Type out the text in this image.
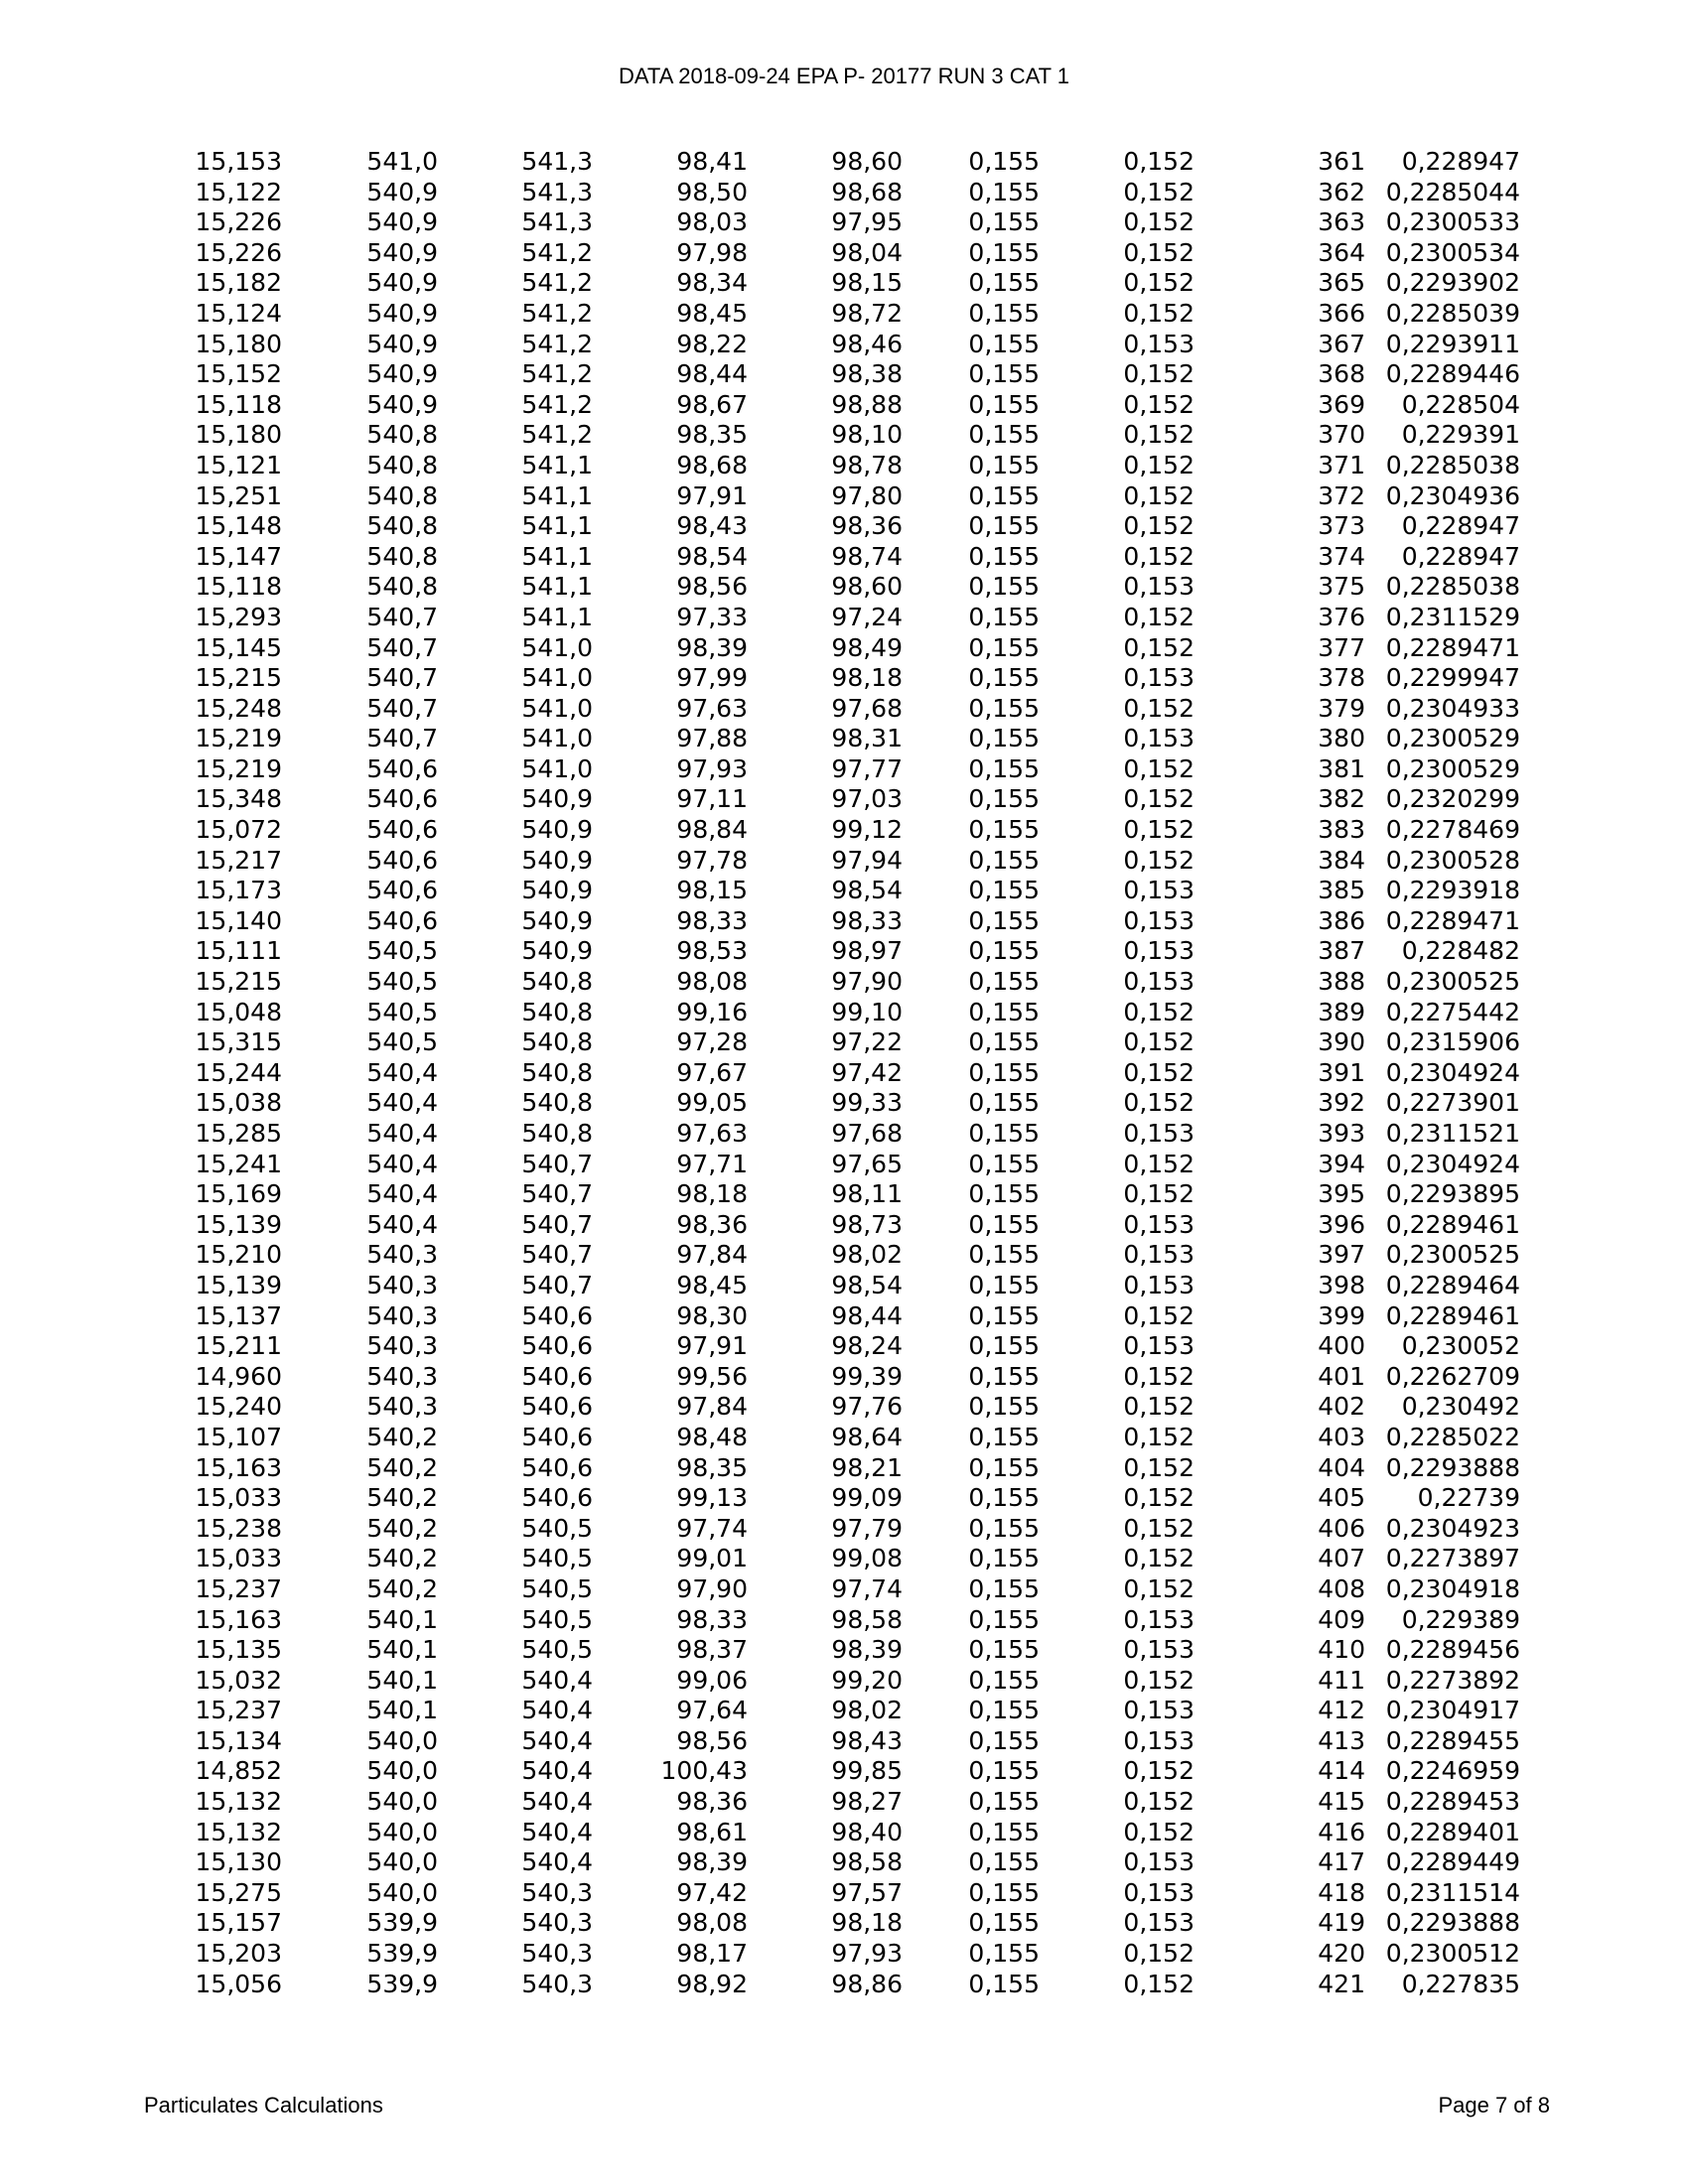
DATA 2018-09-24 EPA P- 20177 RUN 3 CAT 1
15,153	541,0	541,3	98,41	98,60	0,155	0,152	361	0,228947
15,122	540,9	541,3	98,50	98,68	0,155	0,152	362	0,2285044
15,226	540,9	541,3	98,03	97,95	0,155	0,152	363	0,2300533
15,226	540,9	541,2	97,98	98,04	0,155	0,152	364	0,2300534
15,182	540,9	541,2	98,34	98,15	0,155	0,152	365	0,2293902
15,124	540,9	541,2	98,45	98,72	0,155	0,152	366	0,2285039
15,180	540,9	541,2	98,22	98,46	0,155	0,153	367	0,2293911
15,152	540,9	541,2	98,44	98,38	0,155	0,152	368	0,2289446
15,118	540,9	541,2	98,67	98,88	0,155	0,152	369	0,228504
15,180	540,8	541,2	98,35	98,10	0,155	0,152	370	0,229391
15,121	540,8	541,1	98,68	98,78	0,155	0,152	371	0,2285038
15,251	540,8	541,1	97,91	97,80	0,155	0,152	372	0,2304936
15,148	540,8	541,1	98,43	98,36	0,155	0,152	373	0,228947
15,147	540,8	541,1	98,54	98,74	0,155	0,152	374	0,228947
15,118	540,8	541,1	98,56	98,60	0,155	0,153	375	0,2285038
15,293	540,7	541,1	97,33	97,24	0,155	0,152	376	0,2311529
15,145	540,7	541,0	98,39	98,49	0,155	0,152	377	0,2289471
15,215	540,7	541,0	97,99	98,18	0,155	0,153	378	0,2299947
15,248	540,7	541,0	97,63	97,68	0,155	0,152	379	0,2304933
15,219	540,7	541,0	97,88	98,31	0,155	0,153	380	0,2300529
15,219	540,6	541,0	97,93	97,77	0,155	0,152	381	0,2300529
15,348	540,6	540,9	97,11	97,03	0,155	0,152	382	0,2320299
15,072	540,6	540,9	98,84	99,12	0,155	0,152	383	0,2278469
15,217	540,6	540,9	97,78	97,94	0,155	0,152	384	0,2300528
15,173	540,6	540,9	98,15	98,54	0,155	0,153	385	0,2293918
15,140	540,6	540,9	98,33	98,33	0,155	0,153	386	0,2289471
15,111	540,5	540,9	98,53	98,97	0,155	0,153	387	0,228482
15,215	540,5	540,8	98,08	97,90	0,155	0,153	388	0,2300525
15,048	540,5	540,8	99,16	99,10	0,155	0,152	389	0,2275442
15,315	540,5	540,8	97,28	97,22	0,155	0,152	390	0,2315906
15,244	540,4	540,8	97,67	97,42	0,155	0,152	391	0,2304924
15,038	540,4	540,8	99,05	99,33	0,155	0,152	392	0,2273901
15,285	540,4	540,8	97,63	97,68	0,155	0,153	393	0,2311521
15,241	540,4	540,7	97,71	97,65	0,155	0,152	394	0,2304924
15,169	540,4	540,7	98,18	98,11	0,155	0,152	395	0,2293895
15,139	540,4	540,7	98,36	98,73	0,155	0,153	396	0,2289461
15,210	540,3	540,7	97,84	98,02	0,155	0,153	397	0,2300525
15,139	540,3	540,7	98,45	98,54	0,155	0,153	398	0,2289464
15,137	540,3	540,6	98,30	98,44	0,155	0,152	399	0,2289461
15,211	540,3	540,6	97,91	98,24	0,155	0,153	400	0,230052
14,960	540,3	540,6	99,56	99,39	0,155	0,152	401	0,2262709
15,240	540,3	540,6	97,84	97,76	0,155	0,152	402	0,230492
15,107	540,2	540,6	98,48	98,64	0,155	0,152	403	0,2285022
15,163	540,2	540,6	98,35	98,21	0,155	0,152	404	0,2293888
15,033	540,2	540,6	99,13	99,09	0,155	0,152	405	0,22739
15,238	540,2	540,5	97,74	97,79	0,155	0,152	406	0,2304923
15,033	540,2	540,5	99,01	99,08	0,155	0,152	407	0,2273897
15,237	540,2	540,5	97,90	97,74	0,155	0,152	408	0,2304918
15,163	540,1	540,5	98,33	98,58	0,155	0,153	409	0,229389
15,135	540,1	540,5	98,37	98,39	0,155	0,153	410	0,2289456
15,032	540,1	540,4	99,06	99,20	0,155	0,152	411	0,2273892
15,237	540,1	540,4	97,64	98,02	0,155	0,153	412	0,2304917
15,134	540,0	540,4	98,56	98,43	0,155	0,153	413	0,2289455
14,852	540,0	540,4	100,43	99,85	0,155	0,152	414	0,2246959
15,132	540,0	540,4	98,36	98,27	0,155	0,152	415	0,2289453
15,132	540,0	540,4	98,61	98,40	0,155	0,152	416	0,2289401
15,130	540,0	540,4	98,39	98,58	0,155	0,153	417	0,2289449
15,275	540,0	540,3	97,42	97,57	0,155	0,153	418	0,2311514
15,157	539,9	540,3	98,08	98,18	0,155	0,153	419	0,2293888
15,203	539,9	540,3	98,17	97,93	0,155	0,152	420	0,2300512
15,056	539,9	540,3	98,92	98,86	0,155	0,152	421	0,227835
Particulates Calculations	Page 7 of 8
